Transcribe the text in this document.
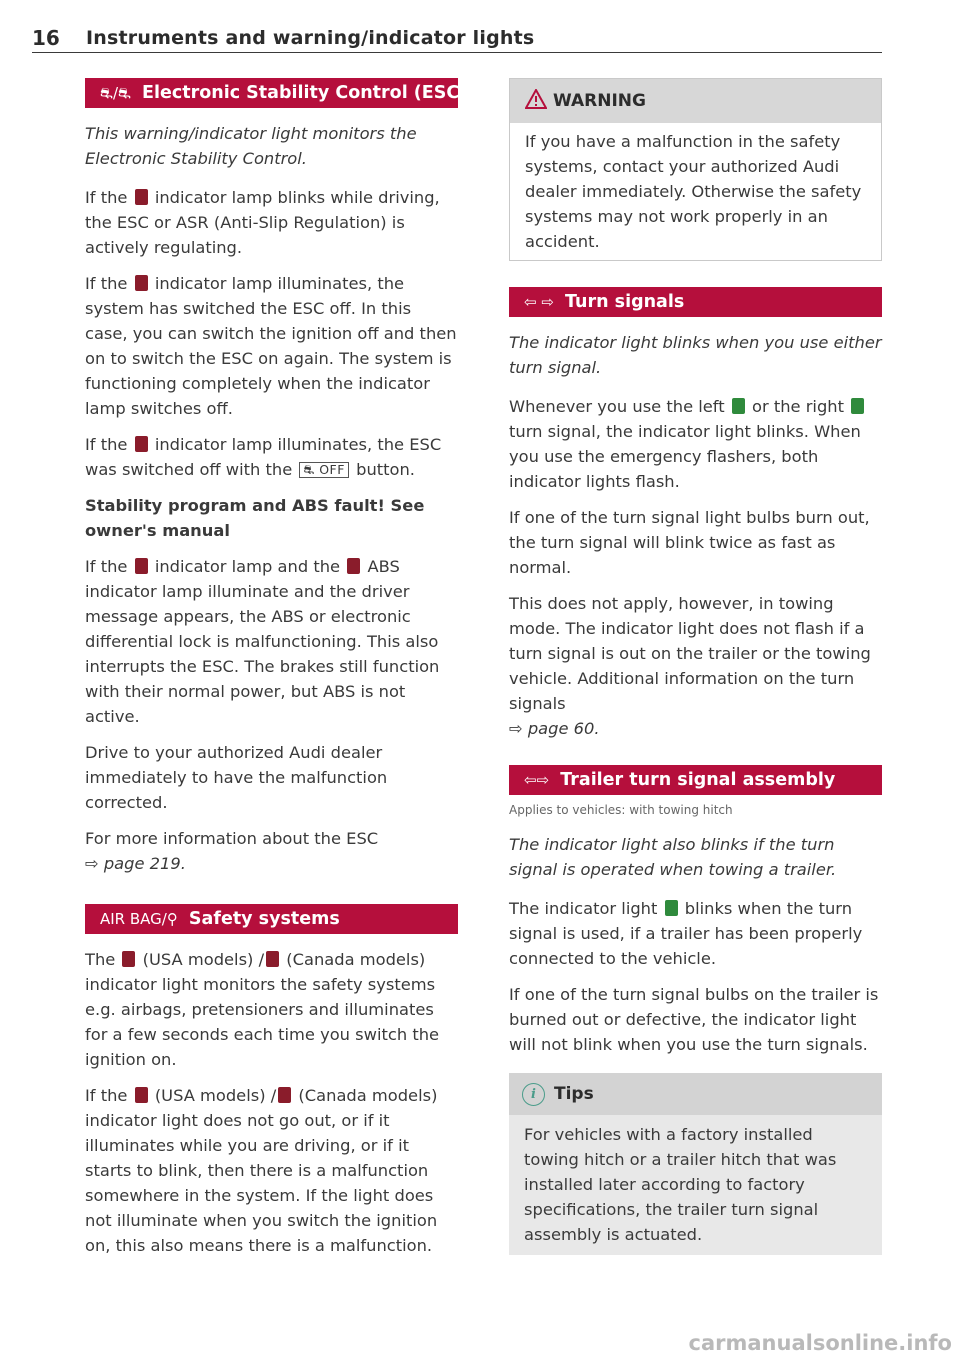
16 Instruments and warning/indicator lights
⛐/⛐ Electronic Stability Control (ESC)

This warning/indicator light monitors the Electronic Stability Control.

If the indicator lamp blinks while driving, the ESC or ASR (Anti-Slip Regulation) is actively regulating.

If the indicator lamp illuminates, the system has switched the ESC off. In this case, you can switch the ignition off and then on to switch the ESC on again. The system is functioning completely when the indicator lamp switches off.

If the indicator lamp illuminates, the ESC was switched off with the ⛐ OFF button.

Stability program and ABS fault! See owner's manual

If the indicator lamp and the ABS indicator lamp illuminate and the driver message appears, the ABS or electronic differential lock is malfunctioning. This also interrupts the ESC. The brakes still function with their normal power, but ABS is not active.

Drive to your authorized Audi dealer immediately to have the malfunction corrected.

For more information about the ESC
⇨ page 219.

AIR BAG/⚲ Safety systems

The (USA models) / (Canada models) indicator light monitors the safety systems e.g. airbags, pretensioners and illuminates for a few seconds each time you switch the ignition on.

If the (USA models) / (Canada models) indicator light does not go out, or if it illuminates while you are driving, or if it starts to blink, then there is a malfunction somewhere in the system. If the light does not illuminate when you switch the ignition on, this also means there is a malfunction.

WARNING

If you have a malfunction in the safety systems, contact your authorized Audi dealer immediately. Otherwise the safety systems may not work properly in an accident.

⇦ ⇨ Turn signals

The indicator light blinks when you use either turn signal.

Whenever you use the left or the right  turn signal, the indicator light blinks. When you use the emergency flashers, both indicator lights flash.

If one of the turn signal light bulbs burn out, the turn signal will blink twice as fast as normal.

This does not apply, however, in towing mode. The indicator light does not flash if a turn signal is out on the trailer or the towing vehicle. Additional information on the turn signals
⇨ page 60.

⇦⇨ Trailer turn signal assembly

Applies to vehicles: with towing hitch

The indicator light also blinks if the turn signal is operated when towing a trailer.

The indicator light blinks when the turn signal is used, if a trailer has been properly connected to the vehicle.

If one of the turn signal bulbs on the trailer is burned out or defective, the indicator light will not blink when you use the turn signals.

i Tips

For vehicles with a factory installed towing hitch or a trailer hitch that was installed later according to factory specifications, the trailer turn signal assembly is actuated.

carmanualsonline.info
